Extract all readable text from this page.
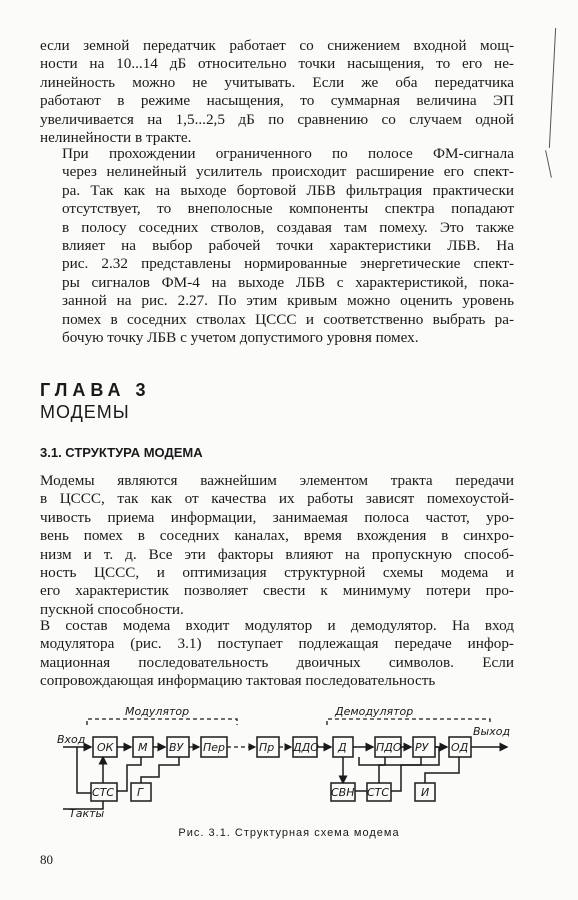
если земной передатчик работает со снижением входной мощ-
ности на 10...14 дБ относительно точки насыщения, то его не-
линейность можно не учитывать. Если же оба передатчика
работают в режиме насыщения, то суммарная величина ЭП
увеличивается на 1,5...2,5 дБ по сравнению со случаем одной
нелинейности в тракте.

При прохождении ограниченного по полосе ФМ-сигнала
через нелинейный усилитель происходит расширение его спект-
ра. Так как на выходе бортовой ЛБВ фильтрация практически
отсутствует, то внеполосные компоненты спектра попадают
в полосу соседних стволов, создавая там помеху. Это также
влияет на выбор рабочей точки характеристики ЛБВ. На
рис. 2.32 представлены нормированные энергетические спект-
ры сигналов ФМ-4 на выходе ЛБВ с характеристикой, пока-
занной на рис. 2.27. По этим кривым можно оценить уровень
помех в соседних стволах ЦССС и соответственно выбрать ра-
бочую точку ЛБВ с учетом допустимого уровня помех.

ГЛАВА 3
МОДЕМЫ
3.1. СТРУКТУРА МОДЕМА

Модемы являются важнейшим элементом тракта передачи
в ЦССС, так как от качества их работы зависят помехоустой-
чивость приема информации, занимаемая полоса частот, уро-
вень помех в соседних каналах, время вхождения в синхро-
низм и т. д. Все эти факторы влияют на пропускную способ-
ность ЦССС, и оптимизация структурной схемы модема и
его характеристик позволяет свести к минимуму потери про-
пускной способности.

В состав модема входит модулятор и демодулятор. На вход
модулятора (рис. 3.1) поступает подлежащая передаче инфор-
мационная последовательность двоичных символов. Если
сопровождающая информацию тактовая последовательность

Модулятор	Демодулятор
Вход
Выход
Такты
ОК М ВУ Пер	Пр ДДО Д	ПДО РУ ОД
СТС Г	СВН СТС	И
Рис. 3.1. Структурная схема модема
80
